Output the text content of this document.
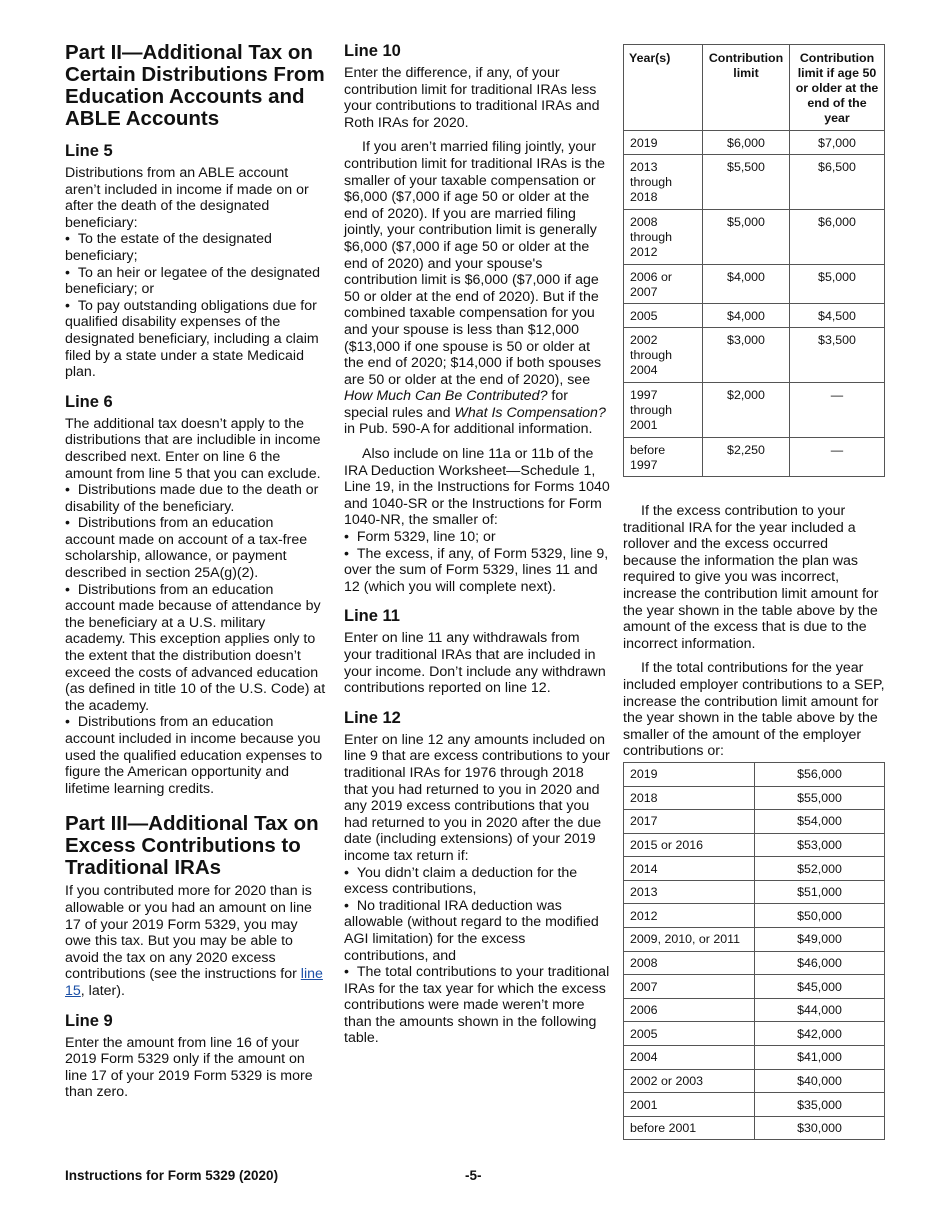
Part II—Additional Tax on Certain Distributions From Education Accounts and ABLE Accounts
Line 5

Distributions from an ABLE account aren’t included in income if made on or after the death of the designated beneficiary:

•  To the estate of the designated beneficiary;

•  To an heir or legatee of the designated beneficiary; or

•  To pay outstanding obligations due for qualified disability expenses of the designated beneficiary, including a claim filed by a state under a state Medicaid plan.

Line 6

The additional tax doesn’t apply to the distributions that are includible in income described next. Enter on line 6 the amount from line 5 that you can exclude.

•  Distributions made due to the death or disability of the beneficiary.

•  Distributions from an education account made on account of a tax-free scholarship, allowance, or payment described in section 25A(g)(2).

•  Distributions from an education account made because of attendance by the beneficiary at a U.S. military academy. This exception applies only to the extent that the distribution doesn’t exceed the costs of advanced education (as defined in title 10 of the U.S. Code) at the academy.

•  Distributions from an education account included in income because you used the qualified education expenses to figure the American opportunity and lifetime learning credits.

Part III—Additional Tax on Excess Contributions to Traditional IRAs

If you contributed more for 2020 than is allowable or you had an amount on line 17 of your 2019 Form 5329, you may owe this tax. But you may be able to avoid the tax on any 2020 excess contributions (see the instructions for line 15, later).

Line 9

Enter the amount from line 16 of your 2019 Form 5329 only if the amount on line 17 of your 2019 Form 5329 is more than zero.

Line 10

Enter the difference, if any, of your contribution limit for traditional IRAs less your contributions to traditional IRAs and Roth IRAs for 2020.

If you aren’t married filing jointly, your contribution limit for traditional IRAs is the smaller of your taxable compensation or $6,000 ($7,000 if age 50 or older at the end of 2020). If you are married filing jointly, your contribution limit is generally $6,000 ($7,000 if age 50 or older at the end of 2020) and your spouse's contribution limit is $6,000 ($7,000 if age 50 or older at the end of 2020). But if the combined taxable compensation for you and your spouse is less than $12,000 ($13,000 if one spouse is 50 or older at the end of 2020; $14,000 if both spouses are 50 or older at the end of 2020), see How Much Can Be Contributed? for special rules and What Is Compensation? in Pub. 590-A for additional information.

Also include on line 11a or 11b of the IRA Deduction Worksheet—Schedule 1, Line 19, in the Instructions for Forms 1040 and 1040-SR or the Instructions for Form 1040-NR, the smaller of:

•  Form 5329, line 10; or

•  The excess, if any, of Form 5329, line 9, over the sum of Form 5329, lines 11 and 12 (which you will complete next).

Line 11

Enter on line 11 any withdrawals from your traditional IRAs that are included in your income. Don’t include any withdrawn contributions reported on line 12.

Line 12

Enter on line 12 any amounts included on line 9 that are excess contributions to your traditional IRAs for 1976 through 2018 that you had returned to you in 2020 and any 2019 excess contributions that you had returned to you in 2020 after the due date (including extensions) of your 2019 income tax return if:

•  You didn’t claim a deduction for the excess contributions,

•  No traditional IRA deduction was allowable (without regard to the modified AGI limitation) for the excess contributions, and

•  The total contributions to your traditional IRAs for the tax year for which the excess contributions were made weren’t more than the amounts shown in the following table.

Year(s)	Contribution limit	Contribution limit if age 50 or older at the end of the year
2019	$6,000	$7,000
2013 through 2018	$5,500	$6,500
2008 through 2012	$5,000	$6,000
2006 or 2007	$4,000	$5,000
2005	$4,000	$4,500
2002 through 2004	$3,000	$3,500
1997 through 2001	$2,000	—
before 1997	$2,250	—

If the excess contribution to your traditional IRA for the year included a rollover and the excess occurred because the information the plan was required to give you was incorrect, increase the contribution limit amount for the year shown in the table above by the amount of the excess that is due to the incorrect information.

If the total contributions for the year included employer contributions to a SEP, increase the contribution limit amount for the year shown in the table above by the smaller of the amount of the employer contributions or:

2019	$56,000
2018	$55,000
2017	$54,000
2015 or 2016	$53,000
2014	$52,000
2013	$51,000
2012	$50,000
2009, 2010, or 2011	$49,000
2008	$46,000
2007	$45,000
2006	$44,000
2005	$42,000
2004	$41,000
2002 or 2003	$40,000
2001	$35,000
before 2001	$30,000
Instructions for Form 5329 (2020)	-5-
